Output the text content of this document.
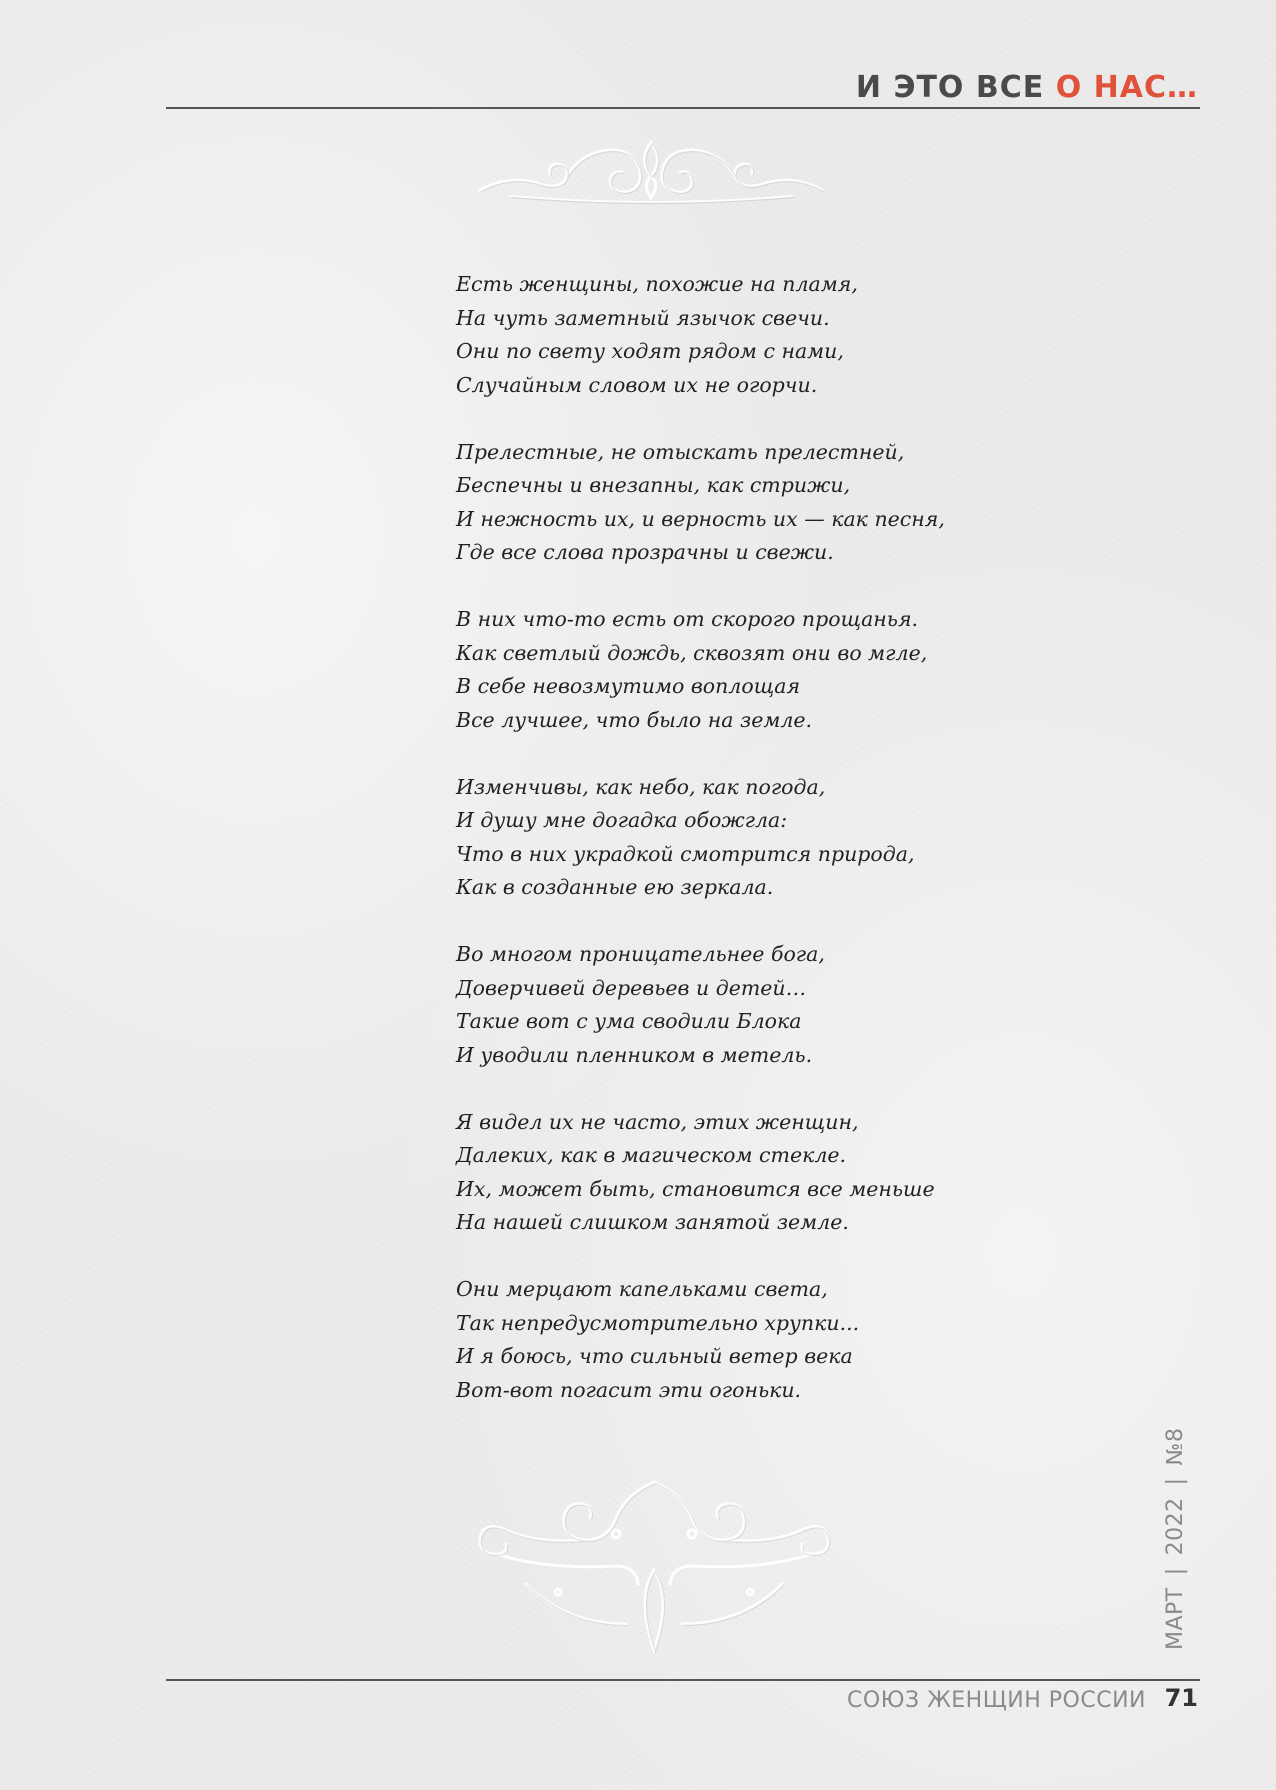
И ЭТО ВСЕ О НАС…
Есть женщины, похожие на пламя,
На чуть заметный язычок свечи.
Они по свету ходят рядом с нами,
Случайным словом их не огорчи.
Прелестные, не отыскать прелестней,
Беспечны и внезапны, как стрижи,
И нежность их, и верность их — как песня,
Где все слова прозрачны и свежи.
В них что-то есть от скорого прощанья.
Как светлый дождь, сквозят они во мгле,
В себе невозмутимо воплощая
Все лучшее, что было на земле.
Изменчивы, как небо, как погода,
И душу мне догадка обожгла:
Что в них украдкой смотрится природа,
Как в созданные ею зеркала.
Во многом проницательнее бога,
Доверчивей деревьев и детей…
Такие вот с ума сводили Блока
И уводили пленником в метель.
Я видел их не часто, этих женщин,
Далеких, как в магическом стекле.
Их, может быть, становится все меньше
На нашей слишком занятой земле.
Они мерцают капельками света,
Так непредусмотрительно хрупки...
И я боюсь, что сильный ветер века
Вот-вот погасит эти огоньки.
МАРТ|2022|№8
СОЮЗ ЖЕНЩИН РОССИИ 71
